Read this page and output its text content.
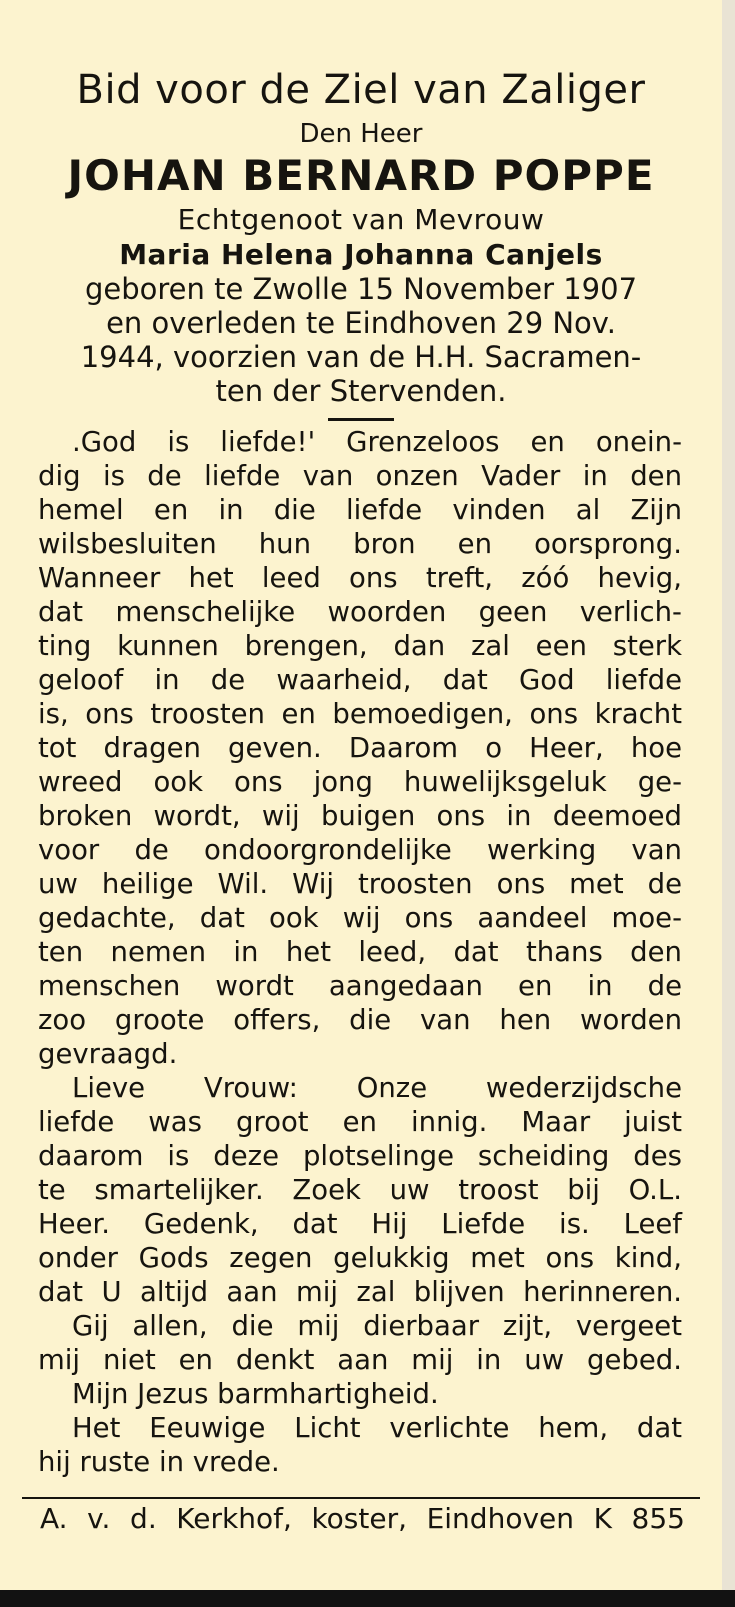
Bid voor de Ziel van Zaliger
Den Heer
JOHAN BERNARD POPPE
Echtgenoot van Mevrouw
Maria Helena Johanna Canjels
geboren te Zwolle 15 November 1907
en overleden te Eindhoven 29 Nov.
1944, voorzien van de H.H. Sacramen-
ten der Stervenden.
.God is liefde!' Grenzeloos en onein-
dig is de liefde van onzen Vader in den
hemel en in die liefde vinden al Zijn
wilsbesluiten hun bron en oorsprong.
Wanneer het leed ons treft, zóó hevig,
dat menschelijke woorden geen verlich-
ting kunnen brengen, dan zal een sterk
geloof in de waarheid, dat God liefde
is, ons troosten en bemoedigen, ons kracht
tot dragen geven. Daarom o Heer, hoe
wreed ook ons jong huwelijksgeluk ge-
broken wordt, wij buigen ons in deemoed
voor de ondoorgrondelijke werking van
uw heilige Wil. Wij troosten ons met de
gedachte, dat ook wij ons aandeel moe-
ten nemen in het leed, dat thans den
menschen wordt aangedaan en in de
zoo groote offers, die van hen worden
gevraagd.
Lieve Vrouw: Onze wederzijdsche
liefde was groot en innig. Maar juist
daarom is deze plotselinge scheiding des
te smartelijker. Zoek uw troost bij O.L.
Heer. Gedenk, dat Hij Liefde is. Leef
onder Gods zegen gelukkig met ons kind,
dat U altijd aan mij zal blijven herinneren.
Gij allen, die mij dierbaar zijt, vergeet
mij niet en denkt aan mij in uw gebed.
Mijn Jezus barmhartigheid.
Het Eeuwige Licht verlichte hem, dat
hij ruste in vrede.
A. v. d. Kerkhof, koster, Eindhoven K 855
